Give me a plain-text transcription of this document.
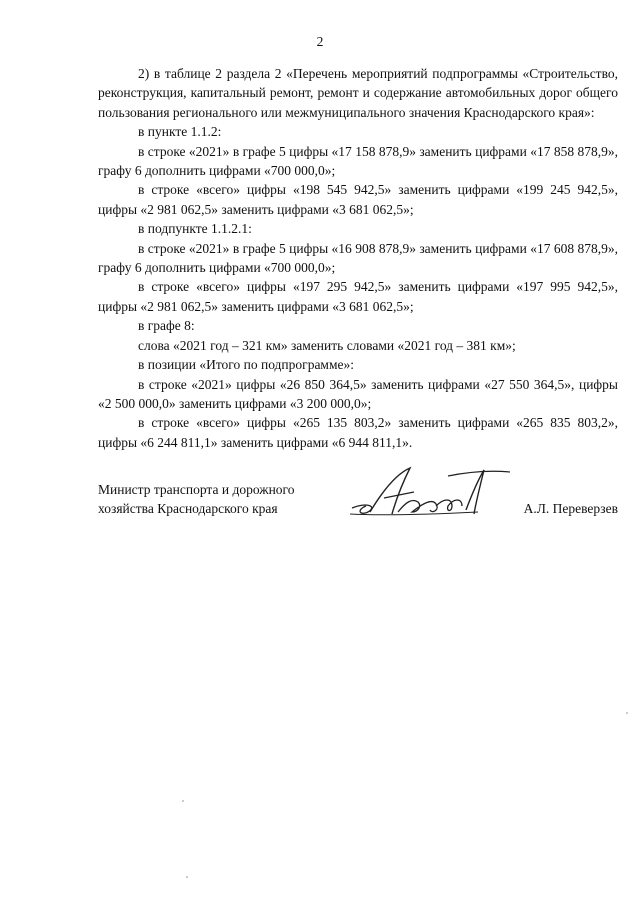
2

2) в таблице 2 раздела 2 «Перечень мероприятий подпрограммы «Строительство, реконструкция, капитальный ремонт, ремонт и содержание автомобильных дорог общего пользования регионального или межмуниципального значения Краснодарского края»:

в пункте 1.1.2:

в строке «2021» в графе 5 цифры «17 158 878,9» заменить цифрами «17 858 878,9», графу 6 дополнить цифрами «700 000,0»;

в строке «всего» цифры «198 545 942,5» заменить цифрами «199 245 942,5», цифры «2 981 062,5» заменить цифрами «3 681 062,5»;

в подпункте 1.1.2.1:

в строке «2021» в графе 5 цифры «16 908 878,9» заменить цифрами «17 608 878,9», графу 6 дополнить цифрами «700 000,0»;

в строке «всего» цифры «197 295 942,5» заменить цифрами «197 995 942,5», цифры «2 981 062,5» заменить цифрами «3 681 062,5»;

в графе 8:

слова «2021 год – 321 км» заменить словами «2021 год – 381 км»;

в позиции «Итого по подпрограмме»:

в строке «2021» цифры «26 850 364,5» заменить цифрами «27 550 364,5», цифры «2 500 000,0» заменить цифрами «3 200 000,0»;

в строке «всего» цифры «265 135 803,2» заменить цифрами «265 835 803,2», цифры «6 244 811,1» заменить цифрами «6 944 811,1».

Министр транспорта и дорожного
хозяйства Краснодарского края	А.Л. Переверзев
